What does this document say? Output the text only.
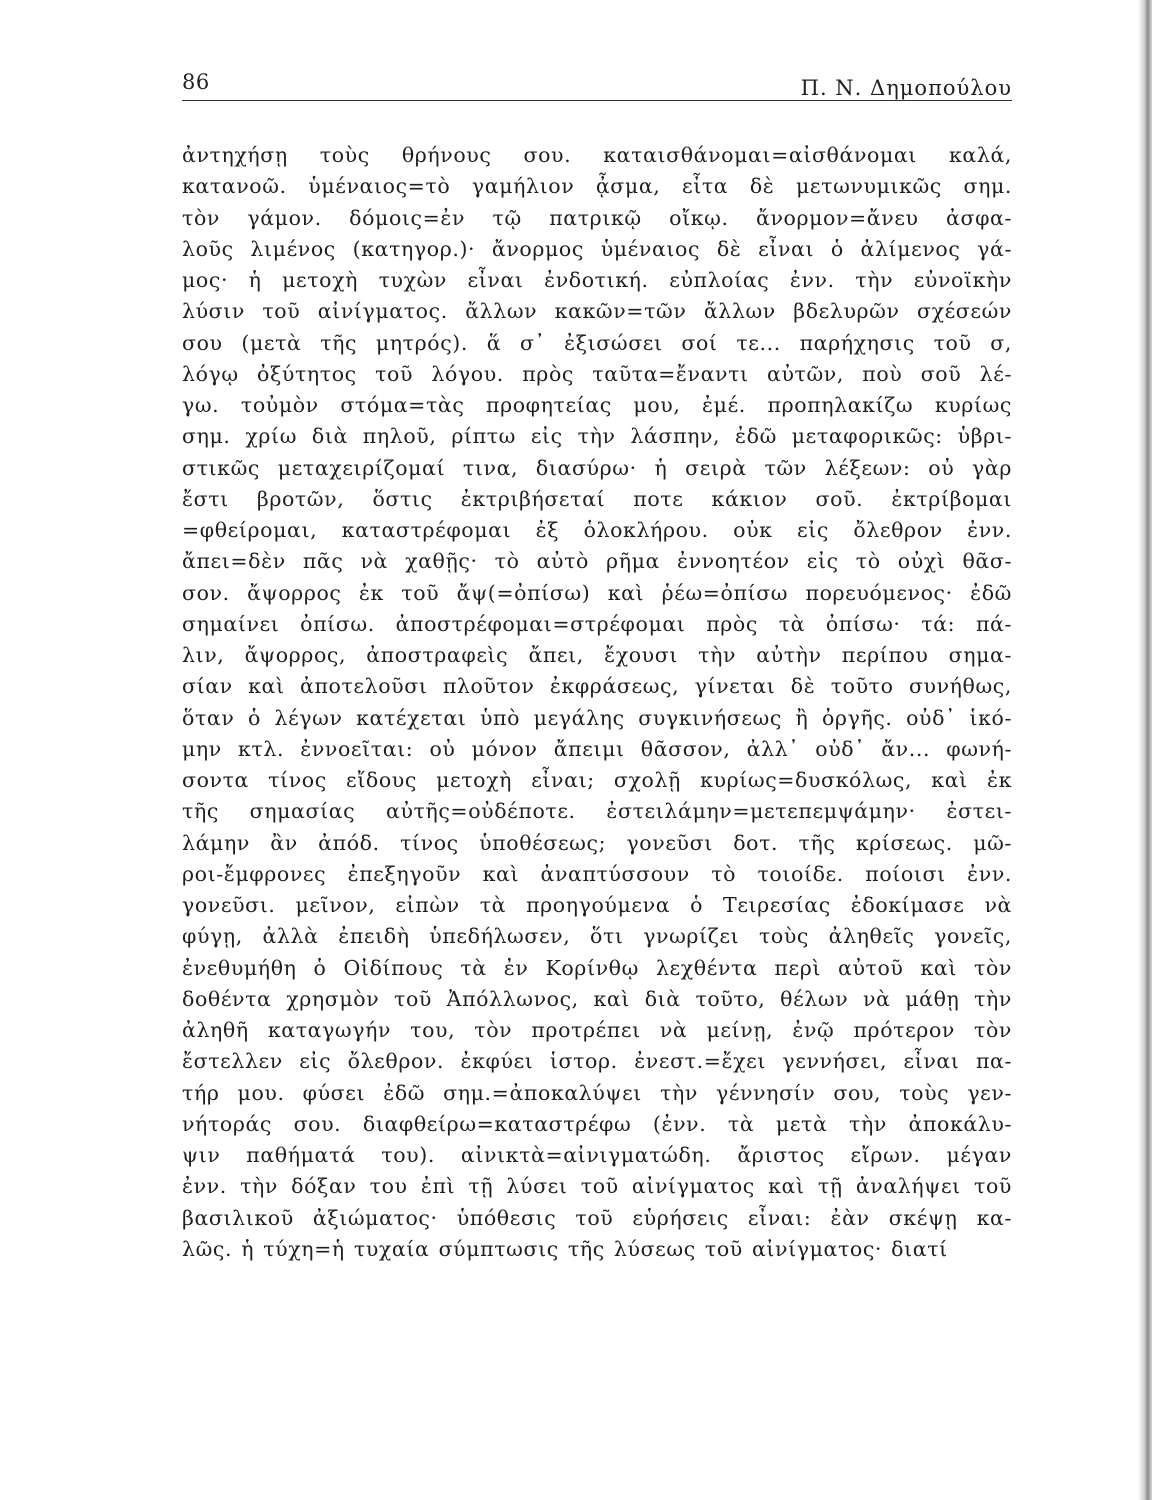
86	Π. Ν. Δημοπούλου
ἀντηχήσῃ τοὺς θρήνους σου. καταισθάνομαι=αἰσθάνομαι καλά,
κατανοῶ. ὑμέναιος=τὸ γαμήλιον ᾆσμα, εἶτα δὲ μετωνυμικῶς σημ.
τὸν γάμον. δόμοις=ἐν τῷ πατρικῷ οἴκῳ. ἄνορμον=ἄνευ ἀσφα-
λοῦς λιμένος (κατηγορ.)· ἄνορμος ὑμέναιος δὲ εἶναι ὁ ἀλίμενος γά-
μος· ἡ μετοχὴ τυχὼν εἶναι ἐνδοτική. εὐπλοίας ἐνν. τὴν εὐνοϊκὴν
λύσιν τοῦ αἰνίγματος. ἄλλων κακῶν=τῶν ἄλλων βδελυρῶν σχέσεών
σου (μετὰ τῆς μητρός). ἅ σ᾽ ἐξισώσει σοί τε... παρήχησις τοῦ σ,
λόγῳ ὀξύτητος τοῦ λόγου. πρὸς ταῦτα=ἔναντι αὐτῶν, ποὺ σοῦ λέ-
γω. τοὐμὸν στόμα=τὰς προφητείας μου, ἐμέ. προπηλακίζω κυρίως
σημ. χρίω διὰ πηλοῦ, ρίπτω εἰς τὴν λάσπην, ἐδῶ μεταφορικῶς: ὑβρι-
στικῶς μεταχειρίζομαί τινα, διασύρω· ἡ σειρὰ τῶν λέξεων: οὐ γὰρ
ἔστι βροτῶν, ὅστις ἐκτριβήσεταί ποτε κάκιον σοῦ. ἐκτρίβομαι
=φθείρομαι, καταστρέφομαι ἐξ ὁλοκλήρου. οὐκ εἰς ὄλεθρον ἐνν.
ἄπει=δὲν πᾶς νὰ χαθῇς· τὸ αὐτὸ ρῆμα ἐννοητέον εἰς τὸ οὐχὶ θᾶσ-
σον. ἄψορρος ἐκ τοῦ ἄψ(=ὀπίσω) καὶ ῥέω=ὀπίσω πορευόμενος· ἐδῶ
σημαίνει ὀπίσω. ἀποστρέφομαι=στρέφομαι πρὸς τὰ ὀπίσω· τά: πά-
λιν, ἄψορρος, ἀποστραφεὶς ἄπει, ἔχουσι τὴν αὐτὴν περίπου σημα-
σίαν καὶ ἀποτελοῦσι πλοῦτον ἐκφράσεως, γίνεται δὲ τοῦτο συνήθως,
ὅταν ὁ λέγων κατέχεται ὑπὸ μεγάλης συγκινήσεως ἢ ὀργῆς. οὐδ᾽ ἱκό-
μην κτλ. ἐννοεῖται: οὐ μόνον ἄπειμι θᾶσσον, ἀλλ᾽ οὐδ᾽ ἄν... φωνή-
σοντα τίνος εἴδους μετοχὴ εἶναι; σχολῇ κυρίως=δυσκόλως, καὶ ἐκ
τῆς σημασίας αὐτῆς=οὐδέποτε. ἐστειλάμην=μετεπεμψάμην· ἐστει-
λάμην ἂν ἀπόδ. τίνος ὑποθέσεως; γονεῦσι δοτ. τῆς κρίσεως. μῶ-
ροι-ἔμφρονες ἐπεξηγοῦν καὶ ἀναπτύσσουν τὸ τοιοίδε. ποίοισι ἐνν.
γονεῦσι. μεῖνον, εἰπὼν τὰ προηγούμενα ὁ Τειρεσίας ἐδοκίμασε νὰ
φύγῃ, ἀλλὰ ἐπειδὴ ὑπεδήλωσεν, ὅτι γνωρίζει τοὺς ἀληθεῖς γονεῖς,
ἐνεθυμήθη ὁ Οἰδίπους τὰ ἐν Κορίνθῳ λεχθέντα περὶ αὐτοῦ καὶ τὸν
δοθέντα χρησμὸν τοῦ Ἀπόλλωνος, καὶ διὰ τοῦτο, θέλων νὰ μάθῃ τὴν
ἀληθῆ καταγωγήν του, τὸν προτρέπει νὰ μείνῃ, ἐνῷ πρότερον τὸν
ἔστελλεν εἰς ὄλεθρον. ἐκφύει ἱστορ. ἐνεστ.=ἔχει γεννήσει, εἶναι πα-
τήρ μου. φύσει ἐδῶ σημ.=ἀποκαλύψει τὴν γέννησίν σου, τοὺς γεν-
νήτοράς σου. διαφθείρω=καταστρέφω (ἐνν. τὰ μετὰ τὴν ἀποκάλυ-
ψιν παθήματά του). αἰνικτὰ=αἰνιγματώδη. ἄριστος εἴρων. μέγαν
ἐνν. τὴν δόξαν του ἐπὶ τῇ λύσει τοῦ αἰνίγματος καὶ τῇ ἀναλήψει τοῦ
βασιλικοῦ ἀξιώματος· ὑπόθεσις τοῦ εὑρήσεις εἶναι: ἐὰν σκέψῃ κα-
λῶς. ἡ τύχη=ἡ τυχαία σύμπτωσις τῆς λύσεως τοῦ αἰνίγματος· διατί
